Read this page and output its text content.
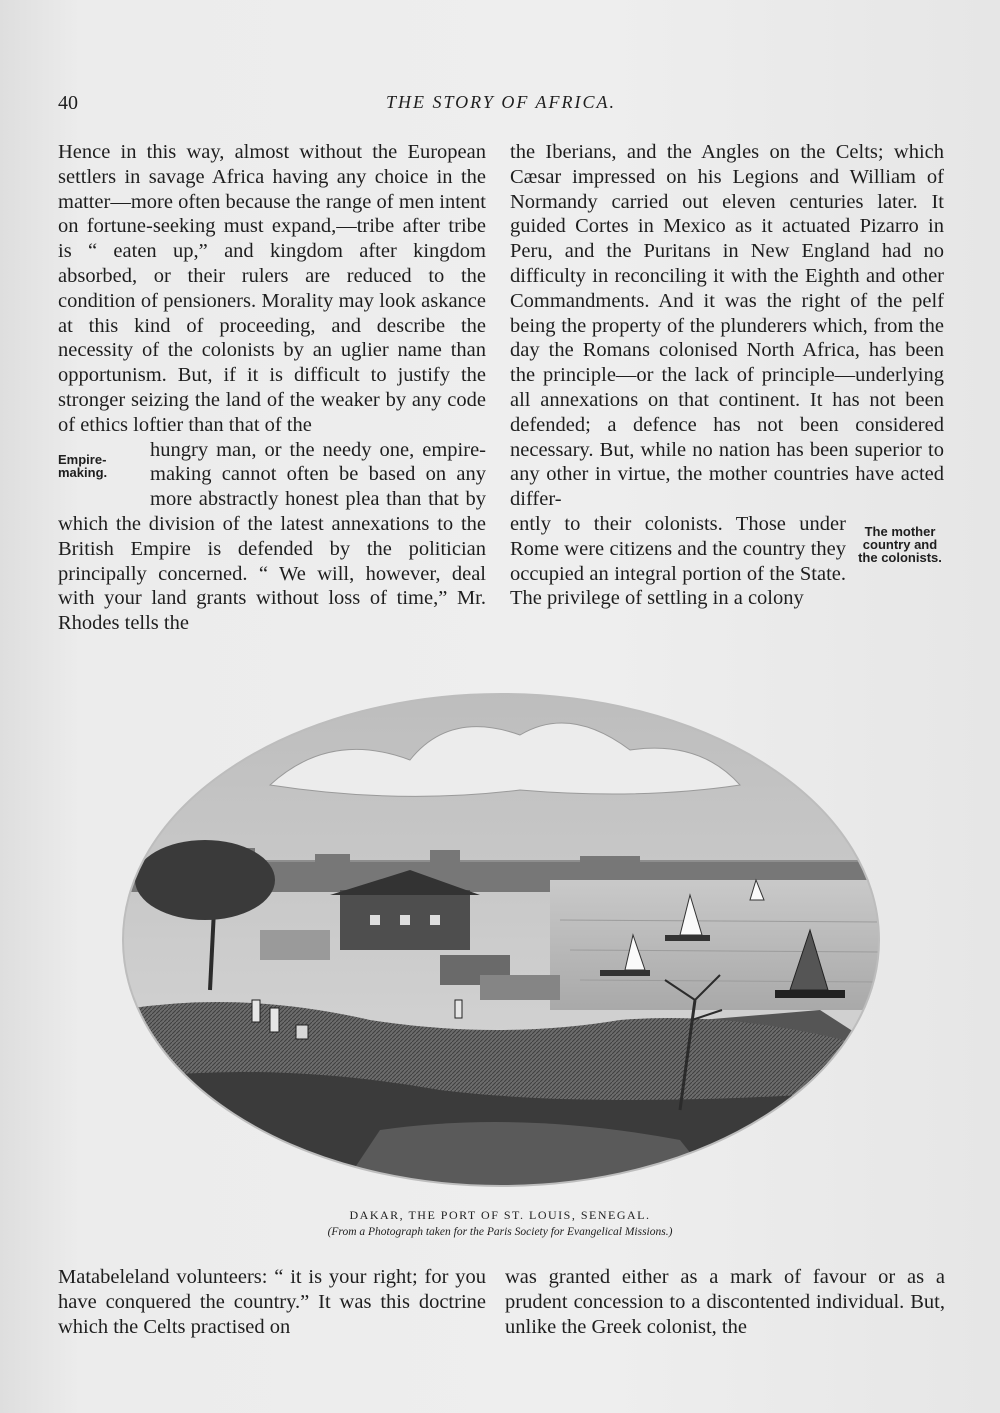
40	THE STORY OF AFRICA.

Hence in this way, almost without the European settlers in savage Africa having any choice in the matter—more often because the range of men intent on fortune-seeking must expand,—tribe after tribe is “ eaten up,” and kingdom after kingdom absorbed, or their rulers are reduced to the condition of pensioners. Morality may look askance at this kind of proceeding, and describe the necessity of the colonists by an uglier name than opportunism. But, if it is difficult to justify the stronger seizing the land of the weaker by any code of ethics loftier than that of the

Empire-making.

hungry man, or the needy one, empire-making cannot often be based on any more abstractly honest plea than that by which the division of the latest annexations to the British Empire is defended by the politician principally concerned. “ We will, however, deal with your land grants without loss of time,” Mr. Rhodes tells the

the Iberians, and the Angles on the Celts; which Cæsar impressed on his Legions and William of Normandy carried out eleven centuries later. It guided Cortes in Mexico as it actuated Pizarro in Peru, and the Puritans in New England had no difficulty in reconciling it with the Eighth and other Commandments. And it was the right of the pelf being the property of the plunderers which, from the day the Romans colonised North Africa, has been the principle—or the lack of principle—underlying all annexations on that continent. It has not been defended; a defence has not been considered necessary. But, while no nation has been superior to any other in virtue, the mother countries have acted differ-

The mother country and the colonists.

ently to their colonists. Those under Rome were citizens and the country they occupied an integral portion of the State. The privilege of settling in a colony

DAKAR, THE PORT OF ST. LOUIS, SENEGAL.
(From a Photograph taken for the Paris Society for Evangelical Missions.)

Matabeleland volunteers: “ it is your right; for you have conquered the country.” It was this doctrine which the Celts practised on

was granted either as a mark of favour or as a prudent concession to a discontented individual. But, unlike the Greek colonist, the
